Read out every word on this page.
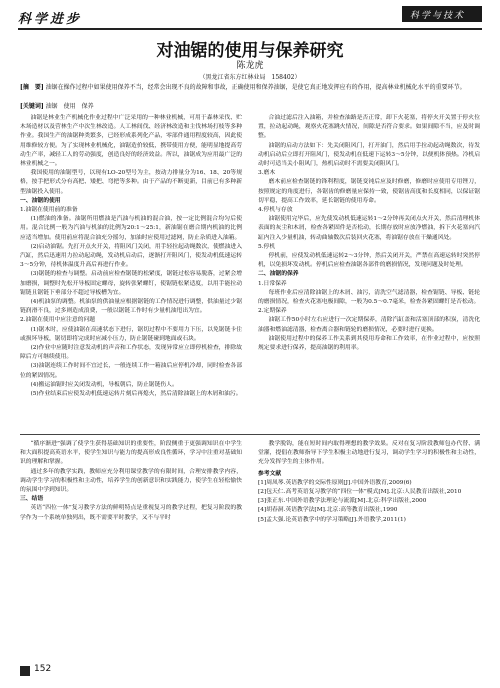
科学进步	科学与技术
对油锯的使用与保养研究
陈龙虎
（黑龙江省东方红林业局　158402）
[摘　要] 油锯在操作过程中如果使用保养不当，经常会出现不良的故障和事故，正确使用和保养油锯，是使它真正地发挥应有的作用，提高林业机械化水平的重要环节。
[关键词] 油锯　使用　保养

油锯是林业生产机械化作业过程中广泛采用的一种林业机械，可用于森林采伐、贮木场造材以及营林生产中次生林改造。人工林间伐、经济林改造和主伐林场打枝等多种作业。我国生产的油锯种类繁多，已经形成系列化产品，零部件通用程度较高，因此使用维修较方便。为了实现林业机械化，油锯造价较低，携带使用方便，能明显地提高劳动生产率，减轻工人的劳动强度，创造良好的经济效益。所以，油锯成为应用最广泛的林业机械之一。

我国使用的油锯型号，以现有LO-20型号为主，按动力排量分为16、18、20等规格，按手把形式分有高把、矮把、弯把等多种。由于产品的不断更新，目前已有多种新型油锯投入使用。

一、油锯的使用

1.油锯在使用前的准备

(1)燃油的准备。油锯所用燃油是汽油与机油的混合油，按一定比例混合均匀后使用。混合比例一般为汽油与机油的比例为20:1～25:1，新油锯在磨合期内机油的比例应适当增加。使用前应将混合油充分摇匀，加油时应使用过滤网，防止杂质进入油箱。

(2)启动油锯。先打开点火开关，将阻风门关闭，用手轻拉起动绳数次，使燃油进入汽缸，然后迅速用力拉动起动绳，发动机启动后，逐渐打开阻风门，使发动机低速运转3～5分钟，待机体温度升高后再进行作业。

(3)锯链的检查与调整。启动前应检查锯链的松紧度，锯链过松容易脱落，过紧会增加磨损，调整时先松开导板固定螺母，旋转张紧螺钉，使锯链松紧适度，以用手能拉动锯链且锯链下垂部分不超过导板槽为宜。

(4)机油泵的调整。机油泵的供油量应根据锯链的工作情况进行调整，供油量过少锯链润滑不良，过多则造成浪费，一般以锯链工作时有少量机油甩出为宜。

2.油锯在使用中应注意的问题

(1)锯木时，应使油锯在高速状态下进行，锯切过程中不要用力下压，以免锯链卡住或损坏导板，锯切即将完成时应减小压力，防止锯链碰到地面或石块。

(2)作业中应随时注意发动机的声音和工作状态，发现异常应立即停机检查，排除故障后方可继续使用。

(3)油锯连续工作时间不宜过长，一般连续工作一箱油后应停机冷却，同时检查各部位的紧固情况。

(4)搬运油锯时应关闭发动机，导板朝后，防止锯链伤人。

(5)作业结束后应使发动机低速运转片刻后再熄火，然后清除油锯上的木屑和油污。

合油过滤后注入油箱，并检查油路是否正常，卸下火花塞，将停火开关置于停火位置，拉动起动绳，观察火花塞跳火情况，间隙是否符合要求。如果间隙不当，应及时调整。

油锯的启动方法如下：先关闭阻风门，打开油门，然后用手拉动起动绳数次，待发动机启动后立即打开阻风门，使发动机在低速下运转3～5分钟，以便机体预热。冷机启动时可适当关小阻风门，热机启动时不需要关闭阻风门。

3.磨木

磨木前应检查锯链的锋利程度，锯链变钝后应及时修磨，修磨时应使用专用锉刀，按照规定的角度进行，各锯齿的修磨量应保持一致，使锯齿高度和长度相同，以保证锯切平稳，提高工作效率，延长锯链的使用寿命。

4.停机与存放

油锯使用完毕后，应先使发动机低速运转1～2分钟再关闭点火开关，然后清理机体表面的灰尘和木屑，检查各紧固件是否松动，长期存放时应放净燃油，拆下火花塞向汽缸内注入少量机油，转动曲轴数次后装回火花塞，将油锯存放在干燥通风处。

5.停机

停机前，应使发动机低速运转2～3分钟，然后关闭开关，严禁在高速运转时突然停机，以免损坏发动机。停机后应检查油锯各部件的磨损情况，发现问题及时处理。

二、油锯的保养

1.日常保养

每班作业后应清除油锯上的木屑、油污，清洗空气滤清器，检查锯链、导板、链轮的磨损情况，检查火花塞电极间隙，一般为0.5～0.7毫米，检查各紧固螺钉是否松动。

2.定期保养

油锯工作50小时左右应进行一次定期保养，清除汽缸盖和活塞顶部的积炭，清洗化油器和燃油滤清器，检查离合器和链轮的磨损情况，必要时进行更换。

油锯使用过程中的保养工作关系到其使用寿命和工作效率，在作业过程中，应按照规定要求进行保养，提高油锯的利用率。

“循序渐进”强调了使学生获得基础知识的重要性，阶段侧重于更强调知识在中学生和大面积提高英语水平，使学生知识与能力的提高形成良性循环，学习中注重对基础知识的理解和掌握。

通过多年的教学实践，教师应充分利用课堂教学的有限时间，合理安排教学内容，调动学生学习的积极性和主动性，培养学生的创新意识和实践能力，使学生在轻松愉快的氛围中学到知识。

三、结语

英语“四位一体”复习教学方法的鲜明特点是重视复习的教学过程，把复习阶段的教学作为一个系统单独列出，既不需要平时教学，又不与平时

教学脱钩，能在短时间内取得理想的教学效果。反对在复习阶段教师包办代替、满堂灌，提倡在教师指导下学生积极主动地进行复习，调动学生学习的积极性和主动性，充分发挥学生的主体作用。

参考文献

[1]周凤琴.英语教学的交际性原则[J].中国外语教育,2009(6)

[2]包天仁.高考英语复习教学的“四位一体”模式[M].北京:人民教育出版社,2010

[3]张正东.中国外语教学法理论与流派[M].北京:科学出版社,2000

[4]胡春洞.英语教学法[M].北京:高等教育出版社,1990

[5]孟大强.论英语教学中的学习策略[J].外语教学,2011(1)

152
